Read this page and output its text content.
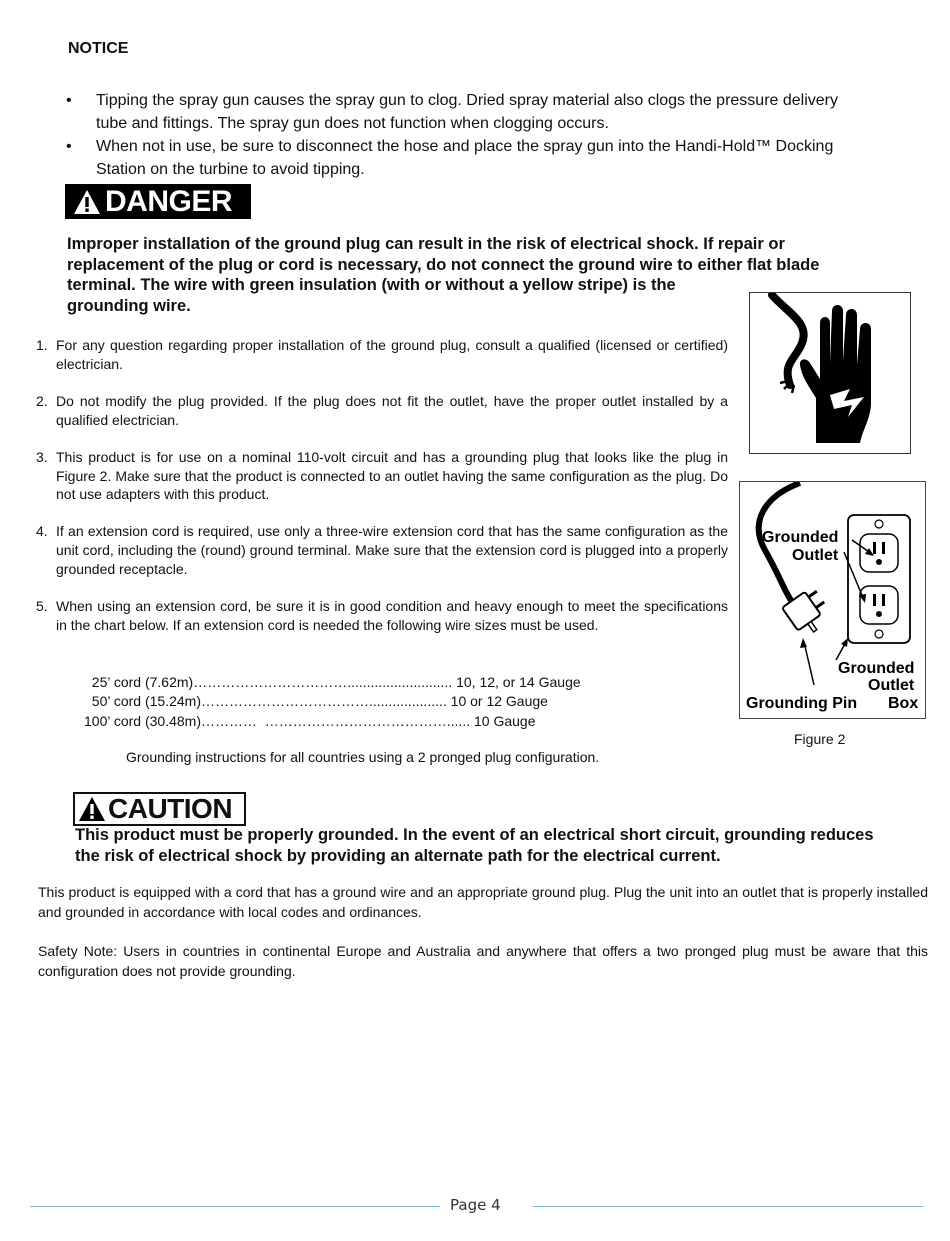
NOTICE
• Tipping the spray gun causes the spray gun to clog. Dried spray material also clogs the pressure delivery
tube and fittings. The spray gun does not function when clogging occurs.
• When not in use, be sure to disconnect the hose and place the spray gun into the Handi-Hold™ Docking
Station on the turbine to avoid tipping.
DANGER
Improper installation of the ground plug can result in the risk of electrical shock. If repair or
replacement of the plug or cord is necessary, do not connect the ground wire to either flat blade
terminal. The wire with green insulation (with or without a yellow stripe) is the
grounding wire.
1. For any question regarding proper installation of the ground plug, consult a qualified (licensed or certified) electrician.
2. Do not modify the plug provided. If the plug does not fit the outlet, have the proper outlet installed by a qualified electrician.
3. This product is for use on a nominal 110-volt circuit and has a grounding plug that looks like the plug in Figure 2. Make sure that the product is connected to an outlet having the same configuration as the plug. Do not use adapters with this product.
4. If an extension cord is required, use only a three-wire extension cord that has the same configuration as the unit cord, including the (round) ground terminal. Make sure that the extension cord is plugged into a properly grounded receptacle.
5. When using an extension cord, be sure it is in good condition and heavy enough to meet the specifications in the chart below. If an extension cord is needed the following wire sizes must be used.
25’ cord (7.62m)……………………………........................... 10, 12, or 14 Gauge
50’ cord (15.24m)……………………………….................... 10 or 12 Gauge
100’ cord (30.48m)…………  …………………………………...... 10 Gauge
Grounding instructions for all countries using a 2 pronged plug configuration.
Grounded
Outlet
Grounded
Outlet
Box
Grounding Pin
Figure 2
CAUTION
This product must be properly grounded. In the event of an electrical short circuit, grounding reduces
the risk of electrical shock by providing an alternate path for the electrical current.
This product is equipped with a cord that has a ground wire and an appropriate ground plug. Plug the unit into an outlet that is properly installed and grounded in accordance with local codes and ordinances.
Safety Note: Users in countries in continental Europe and Australia and anywhere that offers a two pronged plug must be aware that this configuration does not provide grounding.
Page 4
